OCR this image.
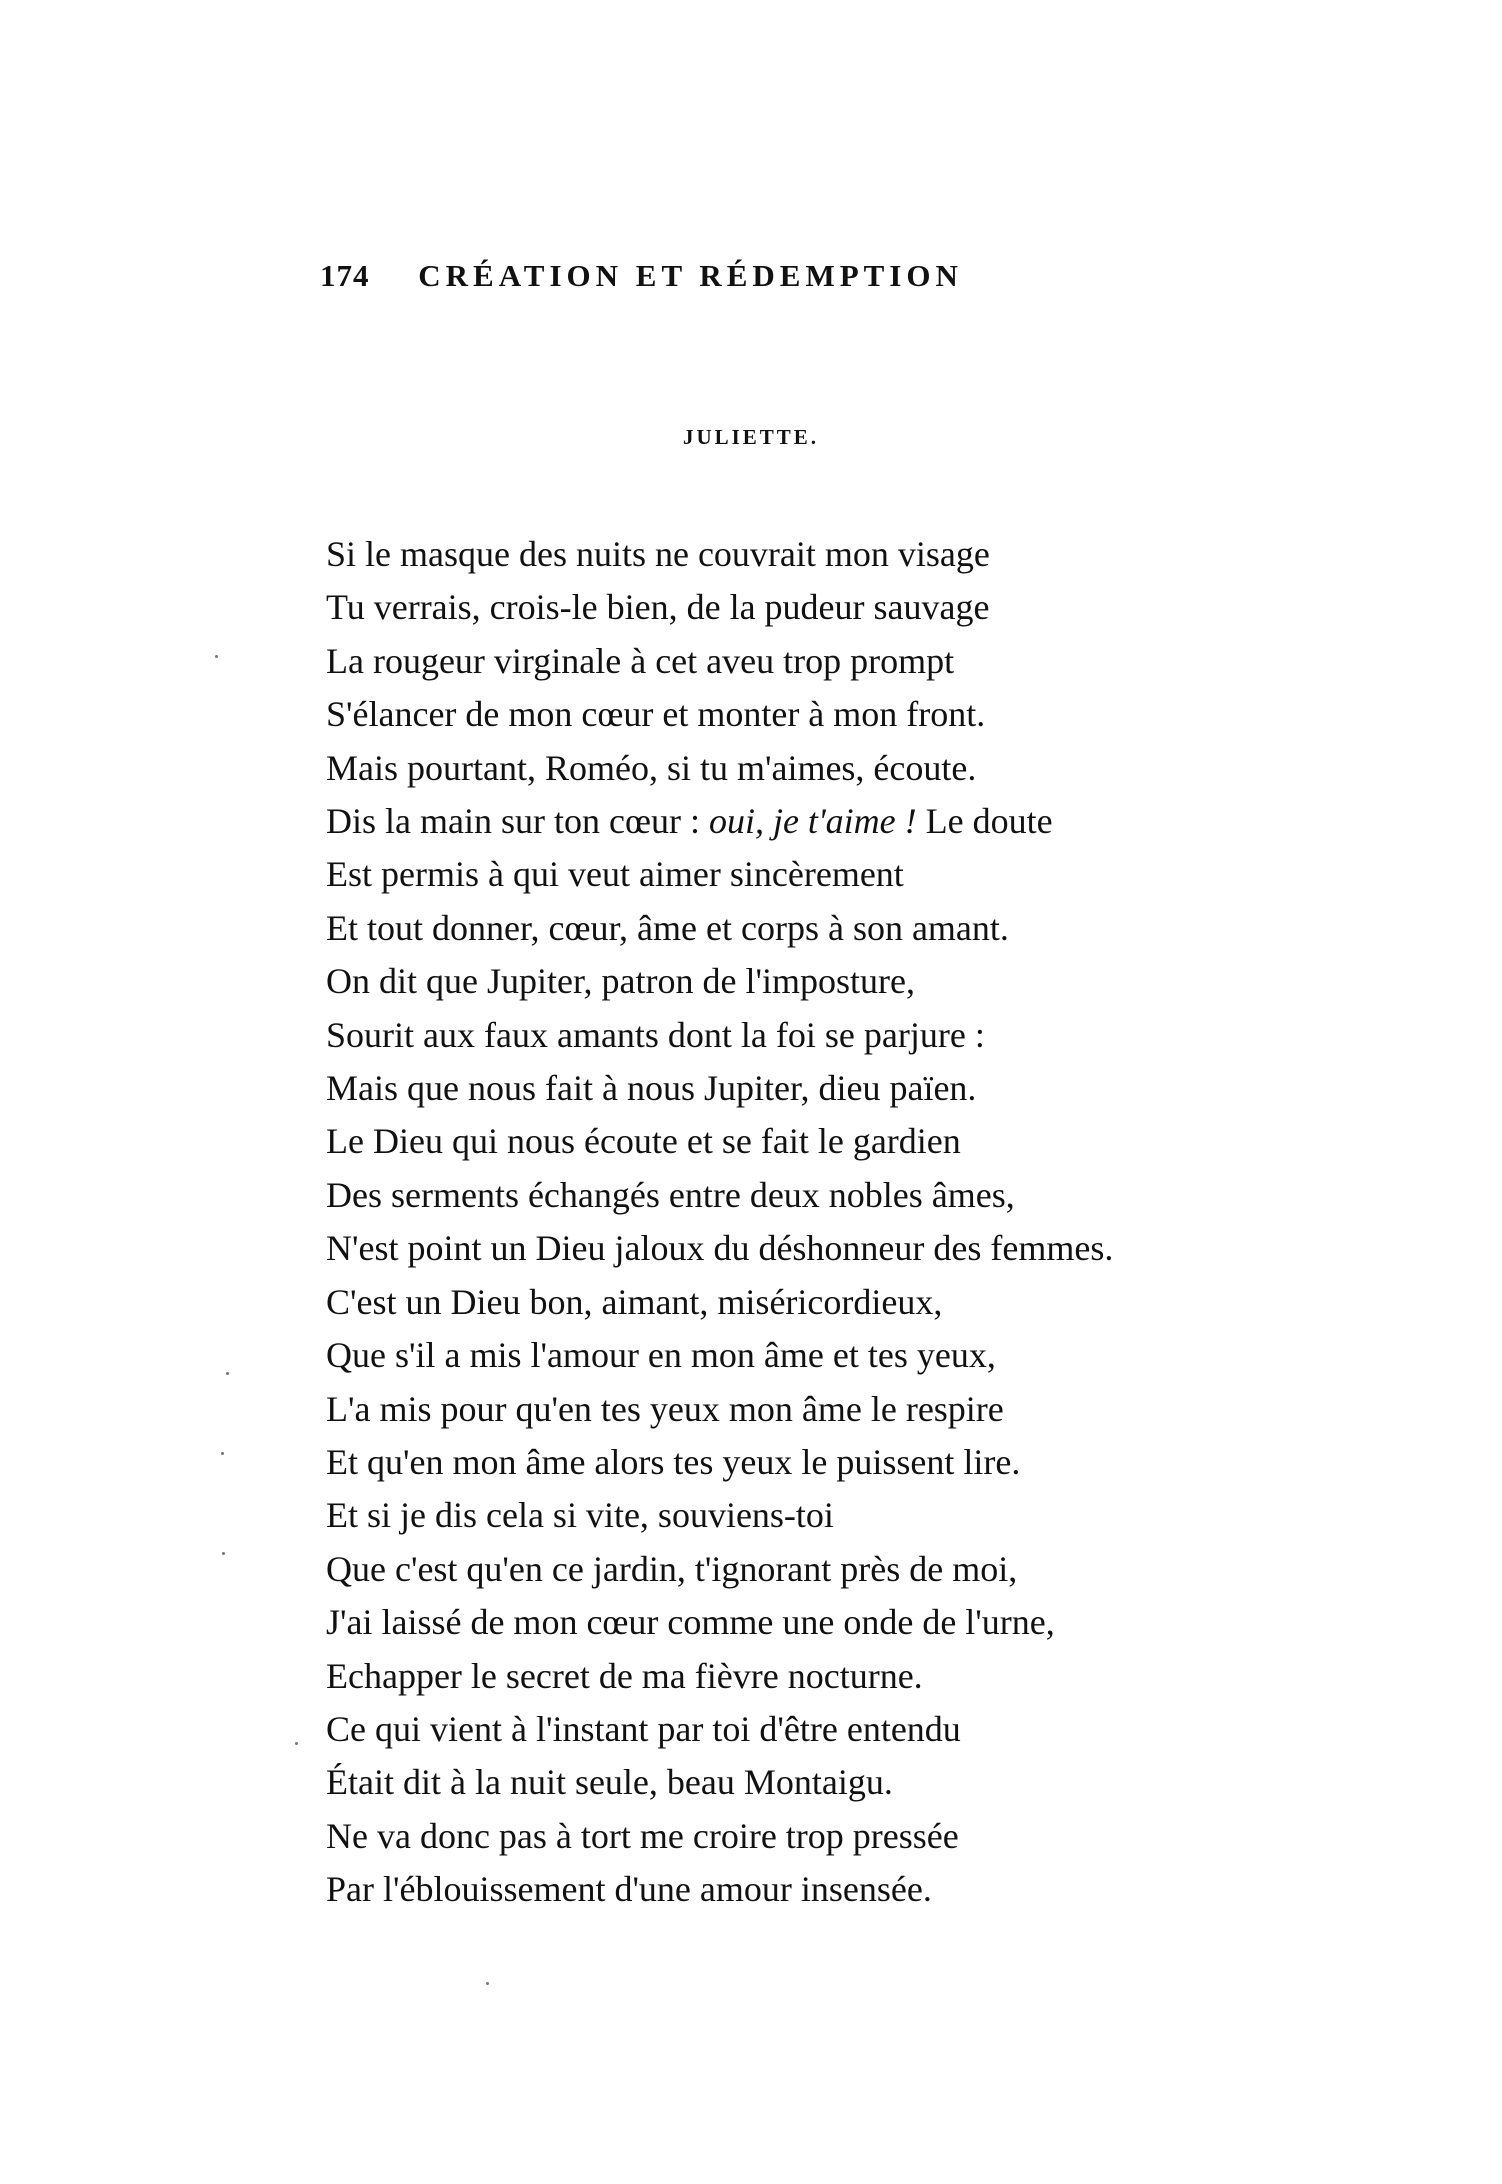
174 CRÉATION ET RÉDEMPTION
JULIETTE.
Si le masque des nuits ne couvrait mon visage
Tu verrais, crois-le bien, de la pudeur sauvage
La rougeur virginale à cet aveu trop prompt
S'élancer de mon cœur et monter à mon front.
Mais pourtant, Roméo, si tu m'aimes, écoute.
Dis la main sur ton cœur : oui, je t'aime ! Le doute
Est permis à qui veut aimer sincèrement
Et tout donner, cœur, âme et corps à son amant.
On dit que Jupiter, patron de l'imposture,
Sourit aux faux amants dont la foi se parjure :
Mais que nous fait à nous Jupiter, dieu païen.
Le Dieu qui nous écoute et se fait le gardien
Des serments échangés entre deux nobles âmes,
N'est point un Dieu jaloux du déshonneur des femmes.
C'est un Dieu bon, aimant, miséricordieux,
Que s'il a mis l'amour en mon âme et tes yeux,
L'a mis pour qu'en tes yeux mon âme le respire
Et qu'en mon âme alors tes yeux le puissent lire.
Et si je dis cela si vite, souviens-toi
Que c'est qu'en ce jardin, t'ignorant près de moi,
J'ai laissé de mon cœur comme une onde de l'urne,
Echapper le secret de ma fièvre nocturne.
Ce qui vient à l'instant par toi d'être entendu
Était dit à la nuit seule, beau Montaigu.
Ne va donc pas à tort me croire trop pressée
Par l'éblouissement d'une amour insensée.
